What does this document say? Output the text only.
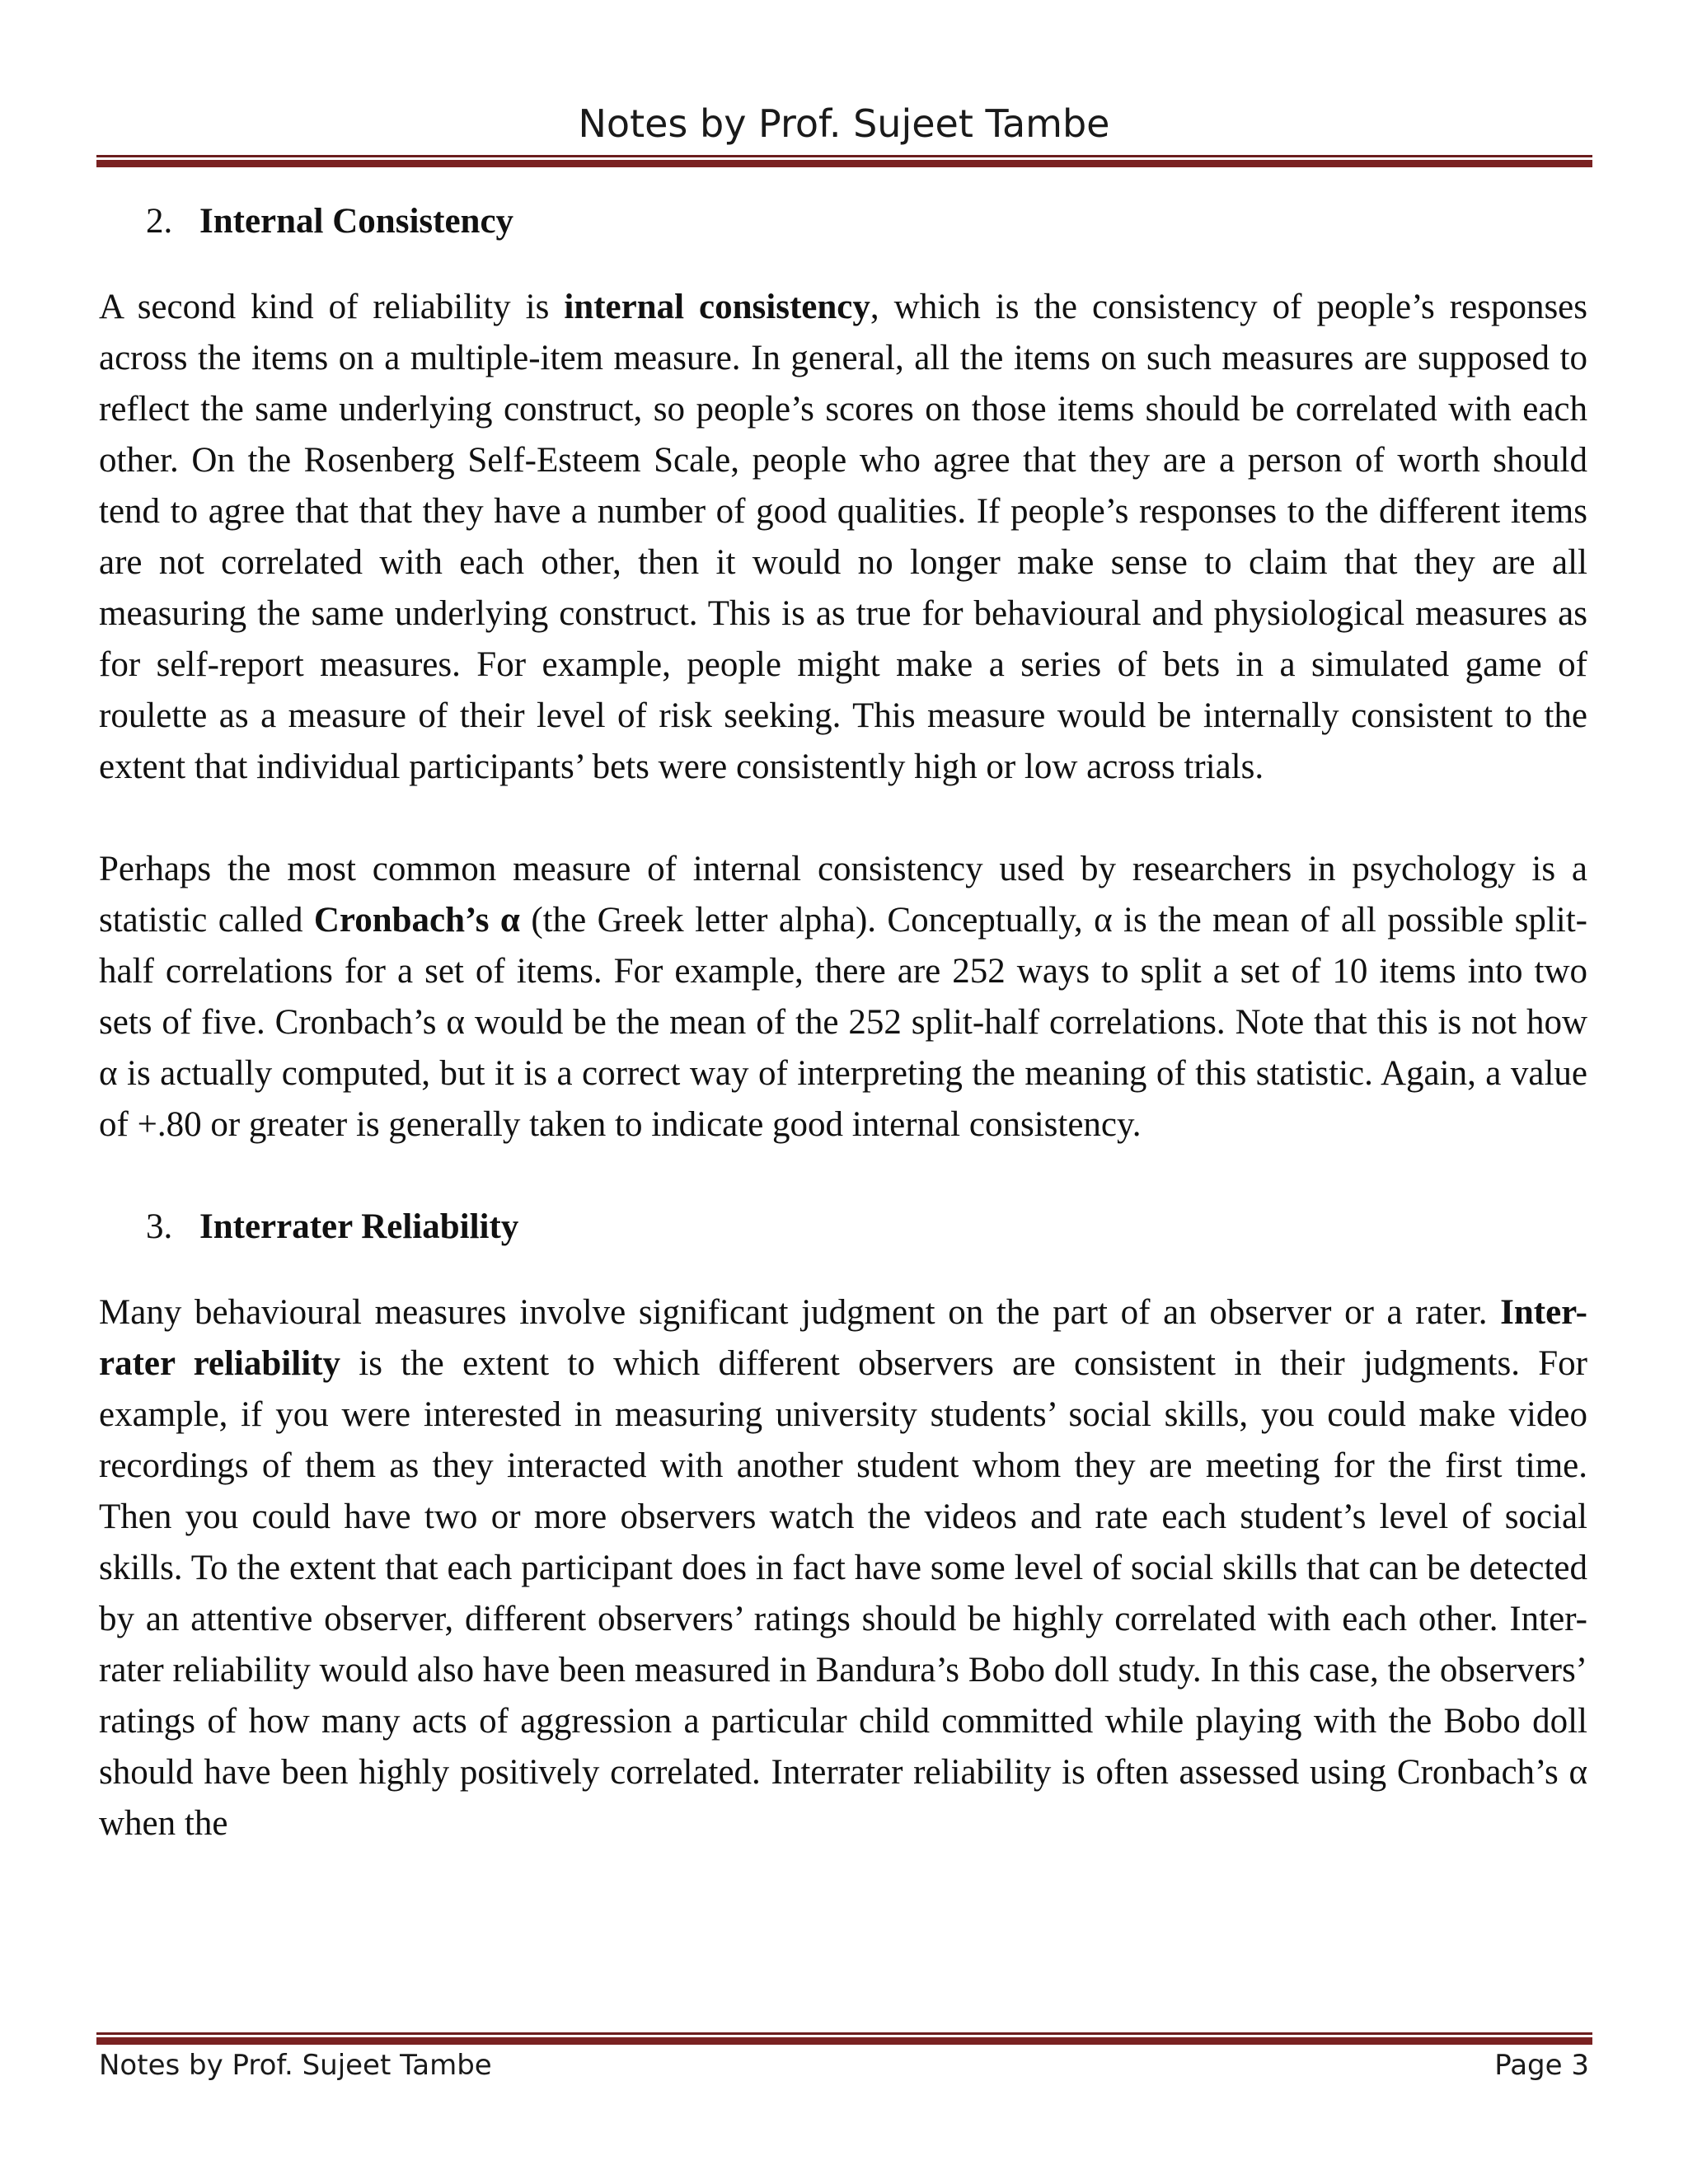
Notes by Prof. Sujeet Tambe
2. Internal Consistency

A second kind of reliability is internal consistency, which is the consistency of people’s responses across the items on a multiple-item measure. In general, all the items on such measures are supposed to reflect the same underlying construct, so people’s scores on those items should be correlated with each other. On the Rosenberg Self-Esteem Scale, people who agree that they are a person of worth should tend to agree that that they have a number of good qualities. If people’s responses to the different items are not correlated with each other, then it would no longer make sense to claim that they are all measuring the same underlying construct. This is as true for behavioural and physiological measures as for self-report measures. For example, people might make a series of bets in a simulated game of roulette as a measure of their level of risk seeking. This measure would be internally consistent to the extent that individual participants’ bets were consistently high or low across trials.

Perhaps the most common measure of internal consistency used by researchers in psychology is a statistic called Cronbach’s α (the Greek letter alpha). Conceptually, α is the mean of all possible split-half correlations for a set of items. For example, there are 252 ways to split a set of 10 items into two sets of five. Cronbach’s α would be the mean of the 252 split-half correlations. Note that this is not how α is actually computed, but it is a correct way of interpreting the meaning of this statistic. Again, a value of +.80 or greater is generally taken to indicate good internal consistency.

3. Interrater Reliability

Many behavioural measures involve significant judgment on the part of an observer or a rater. Inter-rater reliability is the extent to which different observers are consistent in their judgments. For example, if you were interested in measuring university students’ social skills, you could make video recordings of them as they interacted with another student whom they are meeting for the first time. Then you could have two or more observers watch the videos and rate each student’s level of social skills. To the extent that each participant does in fact have some level of social skills that can be detected by an attentive observer, different observers’ ratings should be highly correlated with each other. Inter-rater reliability would also have been measured in Bandura’s Bobo doll study. In this case, the observers’ ratings of how many acts of aggression a particular child committed while playing with the Bobo doll should have been highly positively correlated. Interrater reliability is often assessed using Cronbach’s α when the

Notes by Prof. Sujeet Tambe	Page 3
